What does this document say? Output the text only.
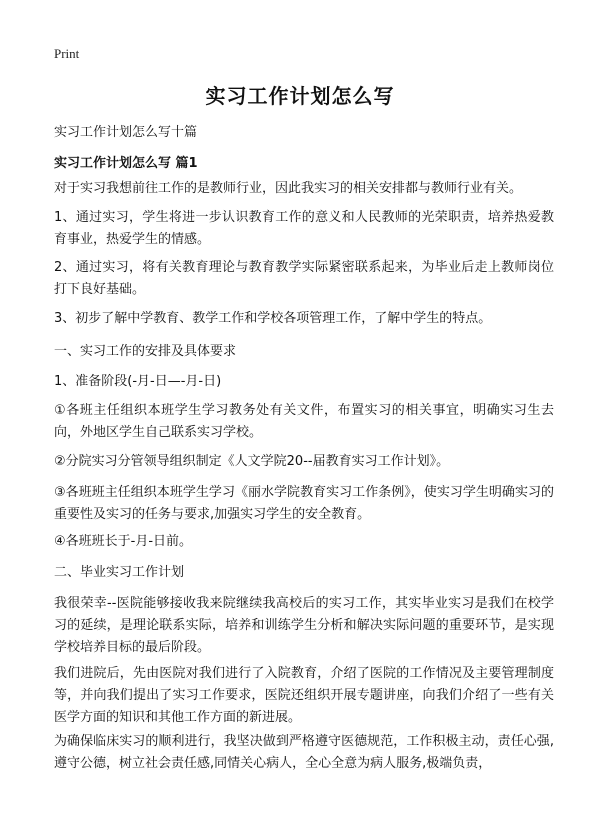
Print
实习工作计划怎么写
实习工作计划怎么写十篇
实习工作计划怎么写 篇1
对于实习我想前往工作的是教师行业，因此我实习的相关安排都与教师行业有关。
1、通过实习，学生将进一步认识教育工作的意义和人民教师的光荣职责，培养热爱教育事业，热爱学生的情感。
2、通过实习，将有关教育理论与教育教学实际紧密联系起来，为毕业后走上教师岗位打下良好基础。
3、初步了解中学教育、教学工作和学校各项管理工作，了解中学生的特点。
一、实习工作的安排及具体要求
1、准备阶段(-月-日—-月-日)
①各班主任组织本班学生学习教务处有关文件，布置实习的相关事宜，明确实习生去向，外地区学生自己联系实习学校。
②分院实习分管领导组织制定《人文学院20--届教育实习工作计划》。
③各班班主任组织本班学生学习《丽水学院教育实习工作条例》，使实习学生明确实习的重要性及实习的任务与要求,加强实习学生的安全教育。
④各班班长于-月-日前。
二、毕业实习工作计划
我很荣幸--医院能够接收我来院继续我高校后的实习工作，其实毕业实习是我们在校学习的延续，是理论联系实际，培养和训练学生分析和解决实际问题的重要环节，是实现学校培养目标的最后阶段。
我们进院后，先由医院对我们进行了入院教育，介绍了医院的工作情况及主要管理制度等，并向我们提出了实习工作要求，医院还组织开展专题讲座，向我们介绍了一些有关医学方面的知识和其他工作方面的新进展。
为确保临床实习的顺利进行，我坚决做到严格遵守医德规范，工作积极主动，责任心强,遵守公德，树立社会责任感,同情关心病人，全心全意为病人服务,极端负责，
